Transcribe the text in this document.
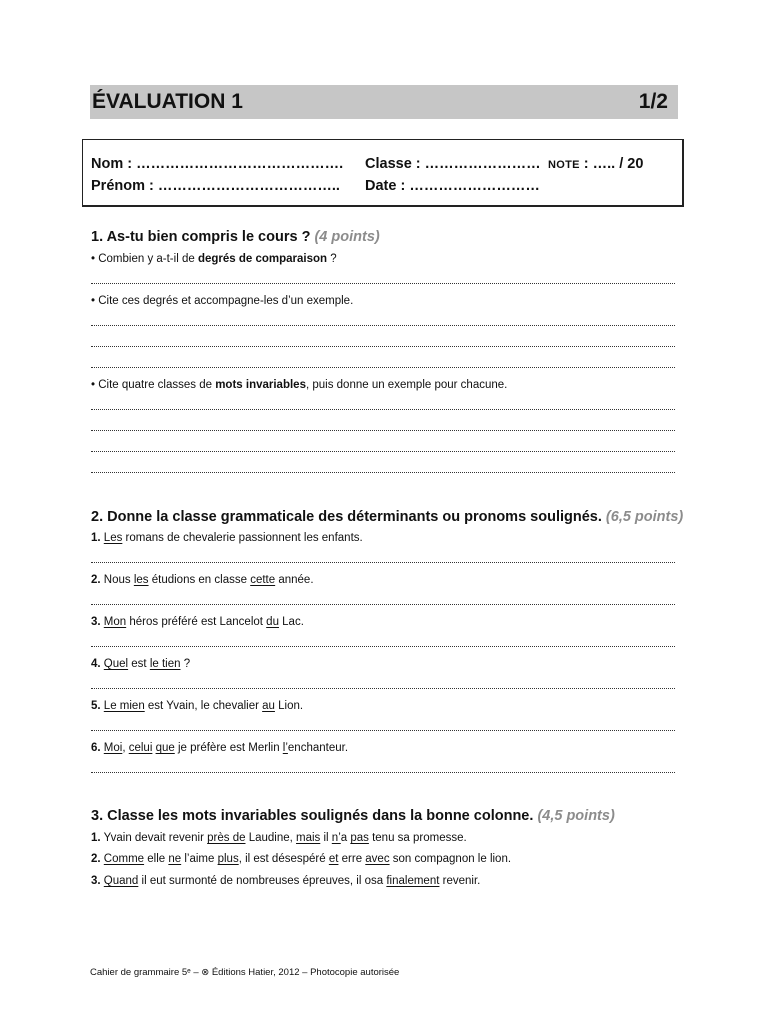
ÉVALUATION 1	1/2
Nom : ……………………………………. Classe : …………………… NOTE : ….. / 20
Prénom : ……………………………….. Date : ………………………
1. As-tu bien compris le cours ? (4 points)
• Combien y a-t-il de degrés de comparaison ?
• Cite ces degrés et accompagne-les d’un exemple.
• Cite quatre classes de mots invariables, puis donne un exemple pour chacune.
2. Donne la classe grammaticale des déterminants ou pronoms soulignés. (6,5 points)
1. Les romans de chevalerie passionnent les enfants.
2. Nous les étudions en classe cette année.
3. Mon héros préféré est Lancelot du Lac.
4. Quel est le tien ?
5. Le mien est Yvain, le chevalier au Lion.
6. Moi, celui que je préfère est Merlin l’enchanteur.
3. Classe les mots invariables soulignés dans la bonne colonne. (4,5 points)
1. Yvain devait revenir près de Laudine, mais il n’a pas tenu sa promesse.
2. Comme elle ne l’aime plus, il est désespéré et erre avec son compagnon le lion.
3. Quand il eut surmonté de nombreuses épreuves, il osa finalement revenir.
Cahier de grammaire 5ᵉ – ⊗ Éditions Hatier, 2012 – Photocopie autorisée
